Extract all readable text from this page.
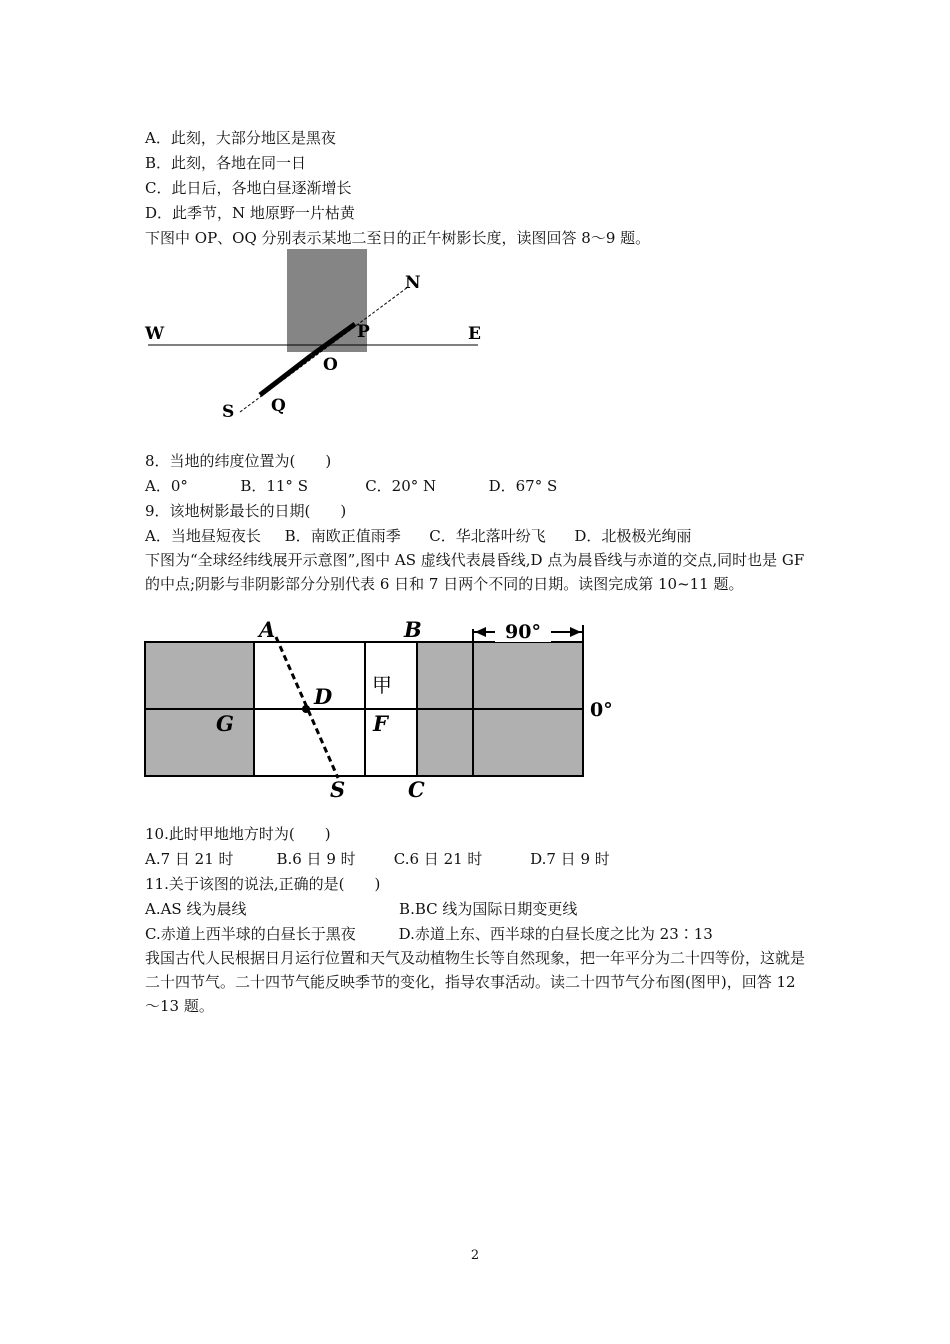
A．此刻，大部分地区是黑夜
B．此刻，各地在同一日
C．此日后，各地白昼逐渐增长
D．此季节，N 地原野一片枯黄
下图中 OP、OQ 分别表示某地二至日的正午树影长度，读图回答 8～9 题。
W	E
N
P
O
Q
S
8．当地的纬度位置为(　　)
A．0°           B．11° S            C．20° N           D．67° S
9．该地树影最长的日期(　　)
A．当地昼短夜长     B．南欧正值雨季      C．华北落叶纷飞      D．北极极光绚丽
下图为“全球经纬线展开示意图”,图中 AS 虚线代表晨昏线,D 点为晨昏线与赤道的交点,同时也是 GF 的中点;阴影与非阴影部分分别代表 6 日和 7 日两个不同的日期。读图完成第 10~11 题。
90°
A	B
D 甲
G	F
0°
S	C
10.此时甲地地方时为(　　)
A.7 日 21 时         B.6 日 9 时        C.6 日 21 时          D.7 日 9 时
11.关于该图的说法,正确的是(　　)
A.AS 线为晨线                                B.BC 线为国际日期变更线
C.赤道上西半球的白昼长于黑夜         D.赤道上东、西半球的白昼长度之比为 23∶13
我国古代人民根据日月运行位置和天气及动植物生长等自然现象，把一年平分为二十四等份，这就是二十四节气。二十四节气能反映季节的变化，指导农事活动。读二十四节气分布图(图甲)，回答 12～13 题。
2
